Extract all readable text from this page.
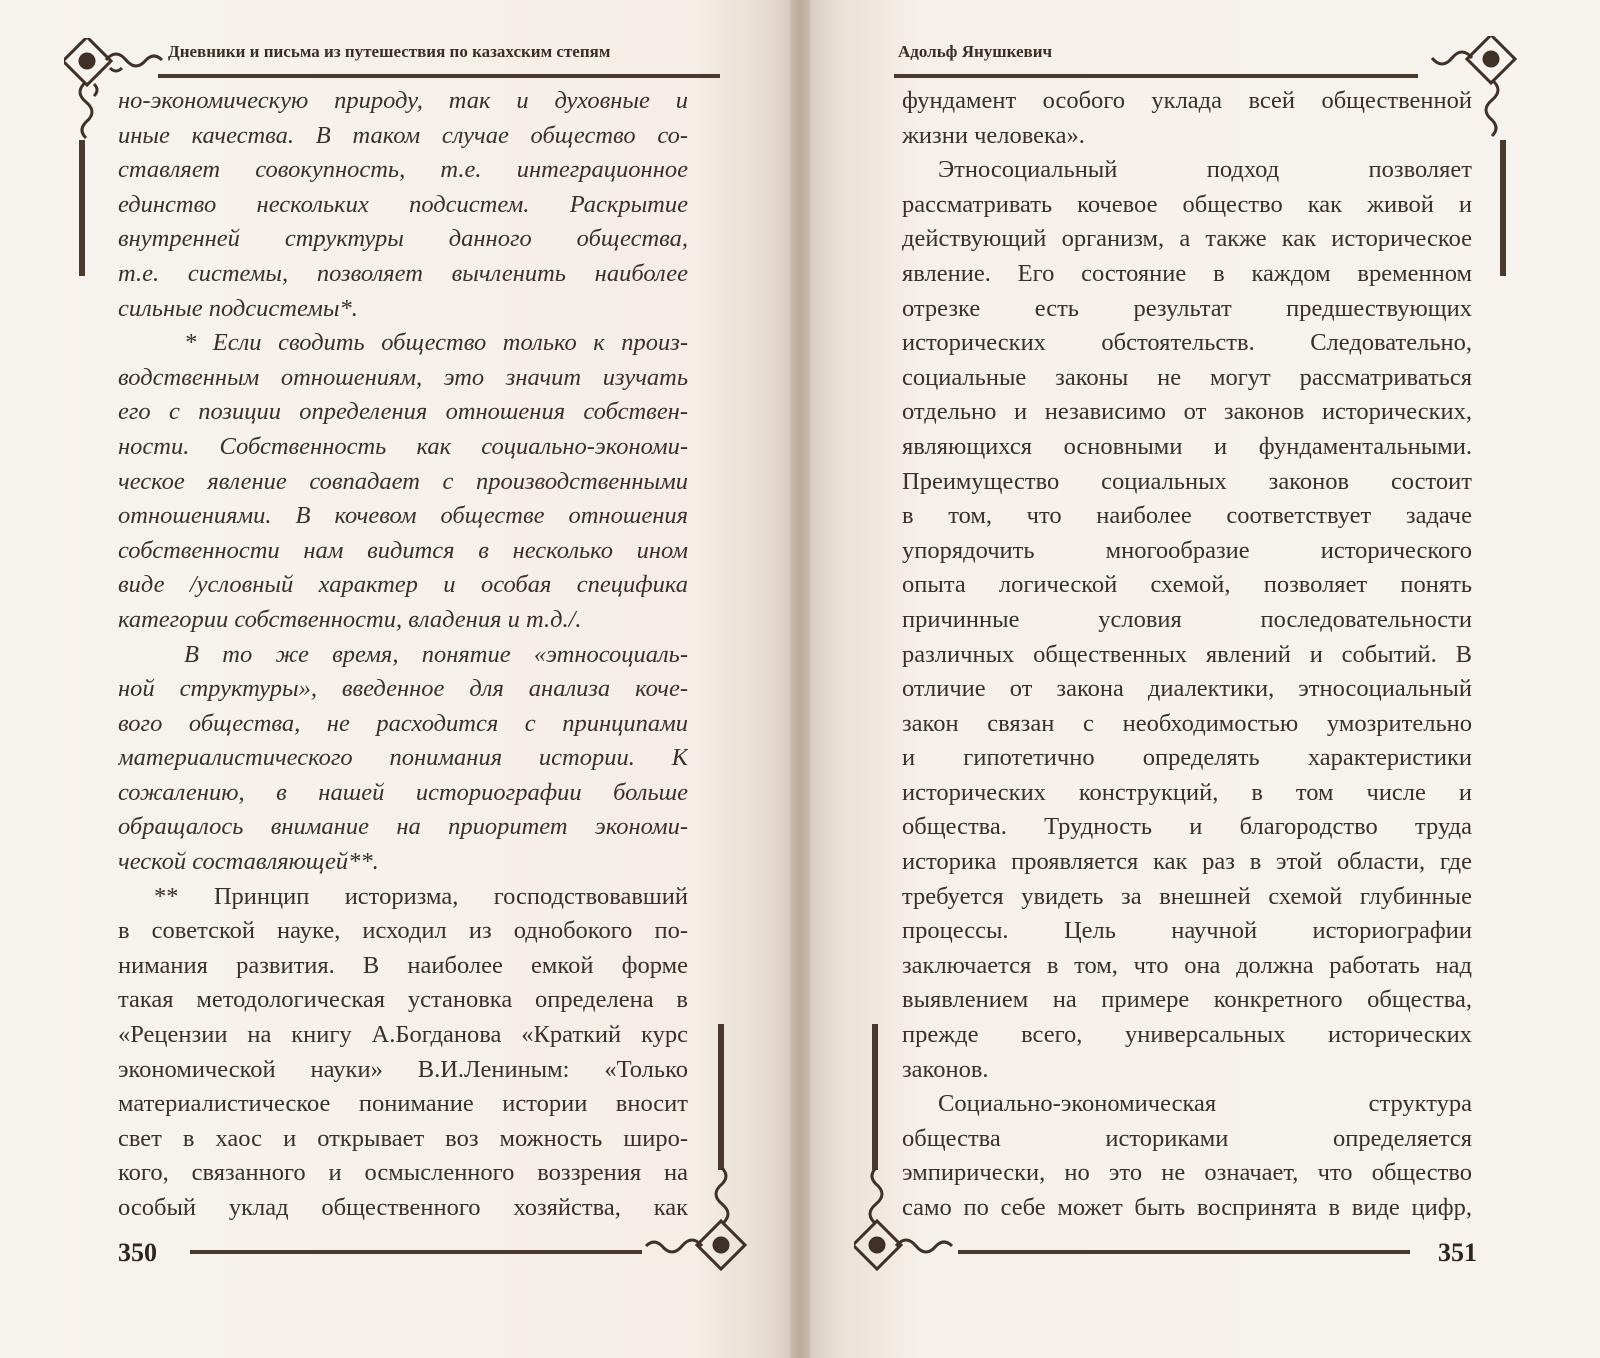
Дневники и письма из путешествия по казахским степям
но-экономическую природу, так и духовные и
иные качества. В таком случае общество со-
ставляет совокупность, т.е. интеграционное
единство нескольких подсистем. Раскрытие
внутренней структуры данного общества,
т.е. системы, позволяет вычленить наиболее
сильные подсистемы*.
* Если сводить общество только к произ-
водственным отношениям, это значит изучать
его с позиции определения отношения собствен-
ности. Собственность как социально-экономи-
ческое явление совпадает с производственными
отношениями. В кочевом обществе отношения
собственности нам видится в несколько ином
виде /условный характер и особая специфика
категории собственности, владения и т.д./.
В то же время, понятие «этносоциаль-
ной структуры», введенное для анализа коче-
вого общества, не расходится с принципами
материалистического понимания истории. К
сожалению, в нашей историографии больше
обращалось внимание на приоритет экономи-
ческой составляющей**.
** Принцип историзма, господствовавший
в советской науке, исходил из однобокого по-
нимания развития. В наиболее емкой форме
такая методологическая установка определена в
«Рецензии на книгу А.Богданова «Краткий курс
экономической науки» В.И.Лениным: «Только
материалистическое понимание истории вносит
свет в хаос и открывает воз можность широ-
кого, связанного и осмысленного воззрения на
особый уклад общественного хозяйства, как
350
Адольф Янушкевич
фундамент особого уклада всей общественной
жизни человека».
Этносоциальный подход позволяет
рассматривать кочевое общество как живой и
действующий организм, а также как историческое
явление. Его состояние в каждом временном
отрезке есть результат предшествующих
исторических обстоятельств. Следовательно,
социальные законы не могут рассматриваться
отдельно и независимо от законов исторических,
являющихся основными и фундаментальными.
Преимущество социальных законов состоит
в том, что наиболее соответствует задаче
упорядочить многообразие исторического
опыта логической схемой, позволяет понять
причинные условия последовательности
различных общественных явлений и событий. В
отличие от закона диалектики, этносоциальный
закон связан с необходимостью умозрительно
и гипотетично определять характеристики
исторических конструкций, в том числе и
общества. Трудность и благородство труда
историка проявляется как раз в этой области, где
требуется увидеть за внешней схемой глубинные
процессы. Цель научной историографии
заключается в том, что она должна работать над
выявлением на примере конкретного общества,
прежде всего, универсальных исторических
законов.
Социально-экономическая структура
общества историками определяется
эмпирически, но это не означает, что общество
само по себе может быть воспринята в виде цифр,
351
